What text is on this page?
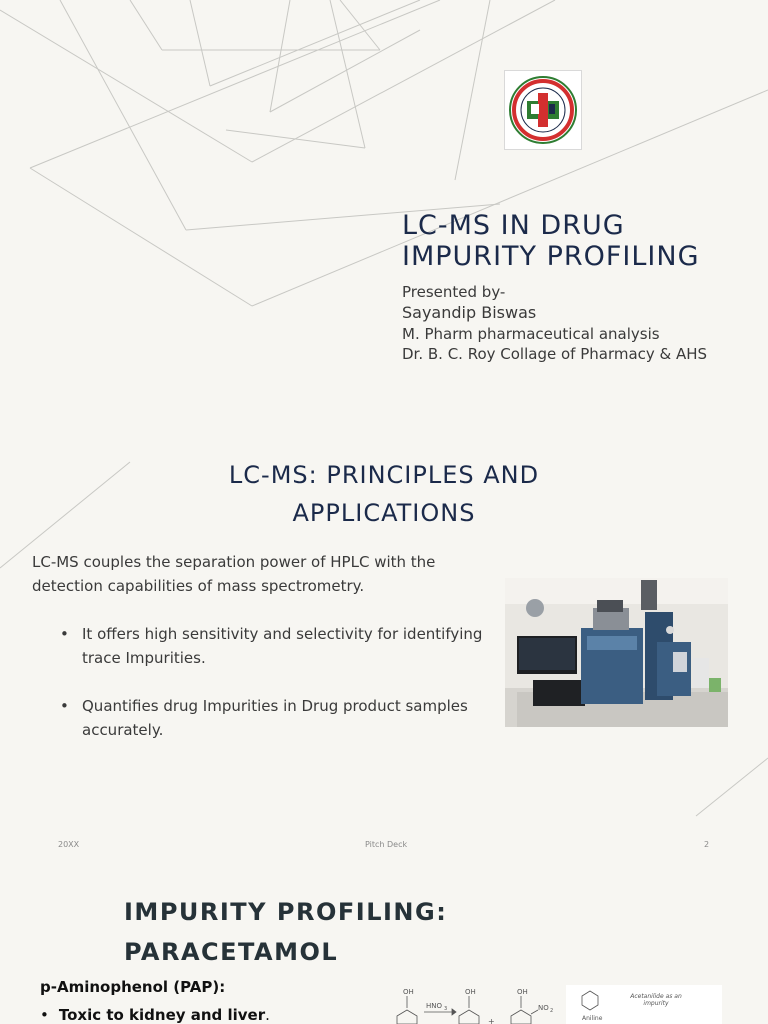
LC-MS IN DRUG IMPURITY PROFILING
Presented by-
Sayandip Biswas
M. Pharm pharmaceutical analysis
Dr. B. C. Roy Collage of Pharmacy & AHS
LC-MS: PRINCIPLES AND APPLICATIONS
LC-MS couples the separation power of HPLC with the detection capabilities of mass spectrometry.
• It offers high sensitivity and selectivity for identifying trace Impurities.
• Quantifies drug Impurities in Drug product samples accurately.
20XX	Pitch Deck	2
IMPURITY PROFILING: PARACETAMOL
p-Aminophenol (PAP):
• Toxic to kidney and liver.
OH
HNO 3
OH
+
OH
NO 2
Acetanilide as an impurity
Aniline
